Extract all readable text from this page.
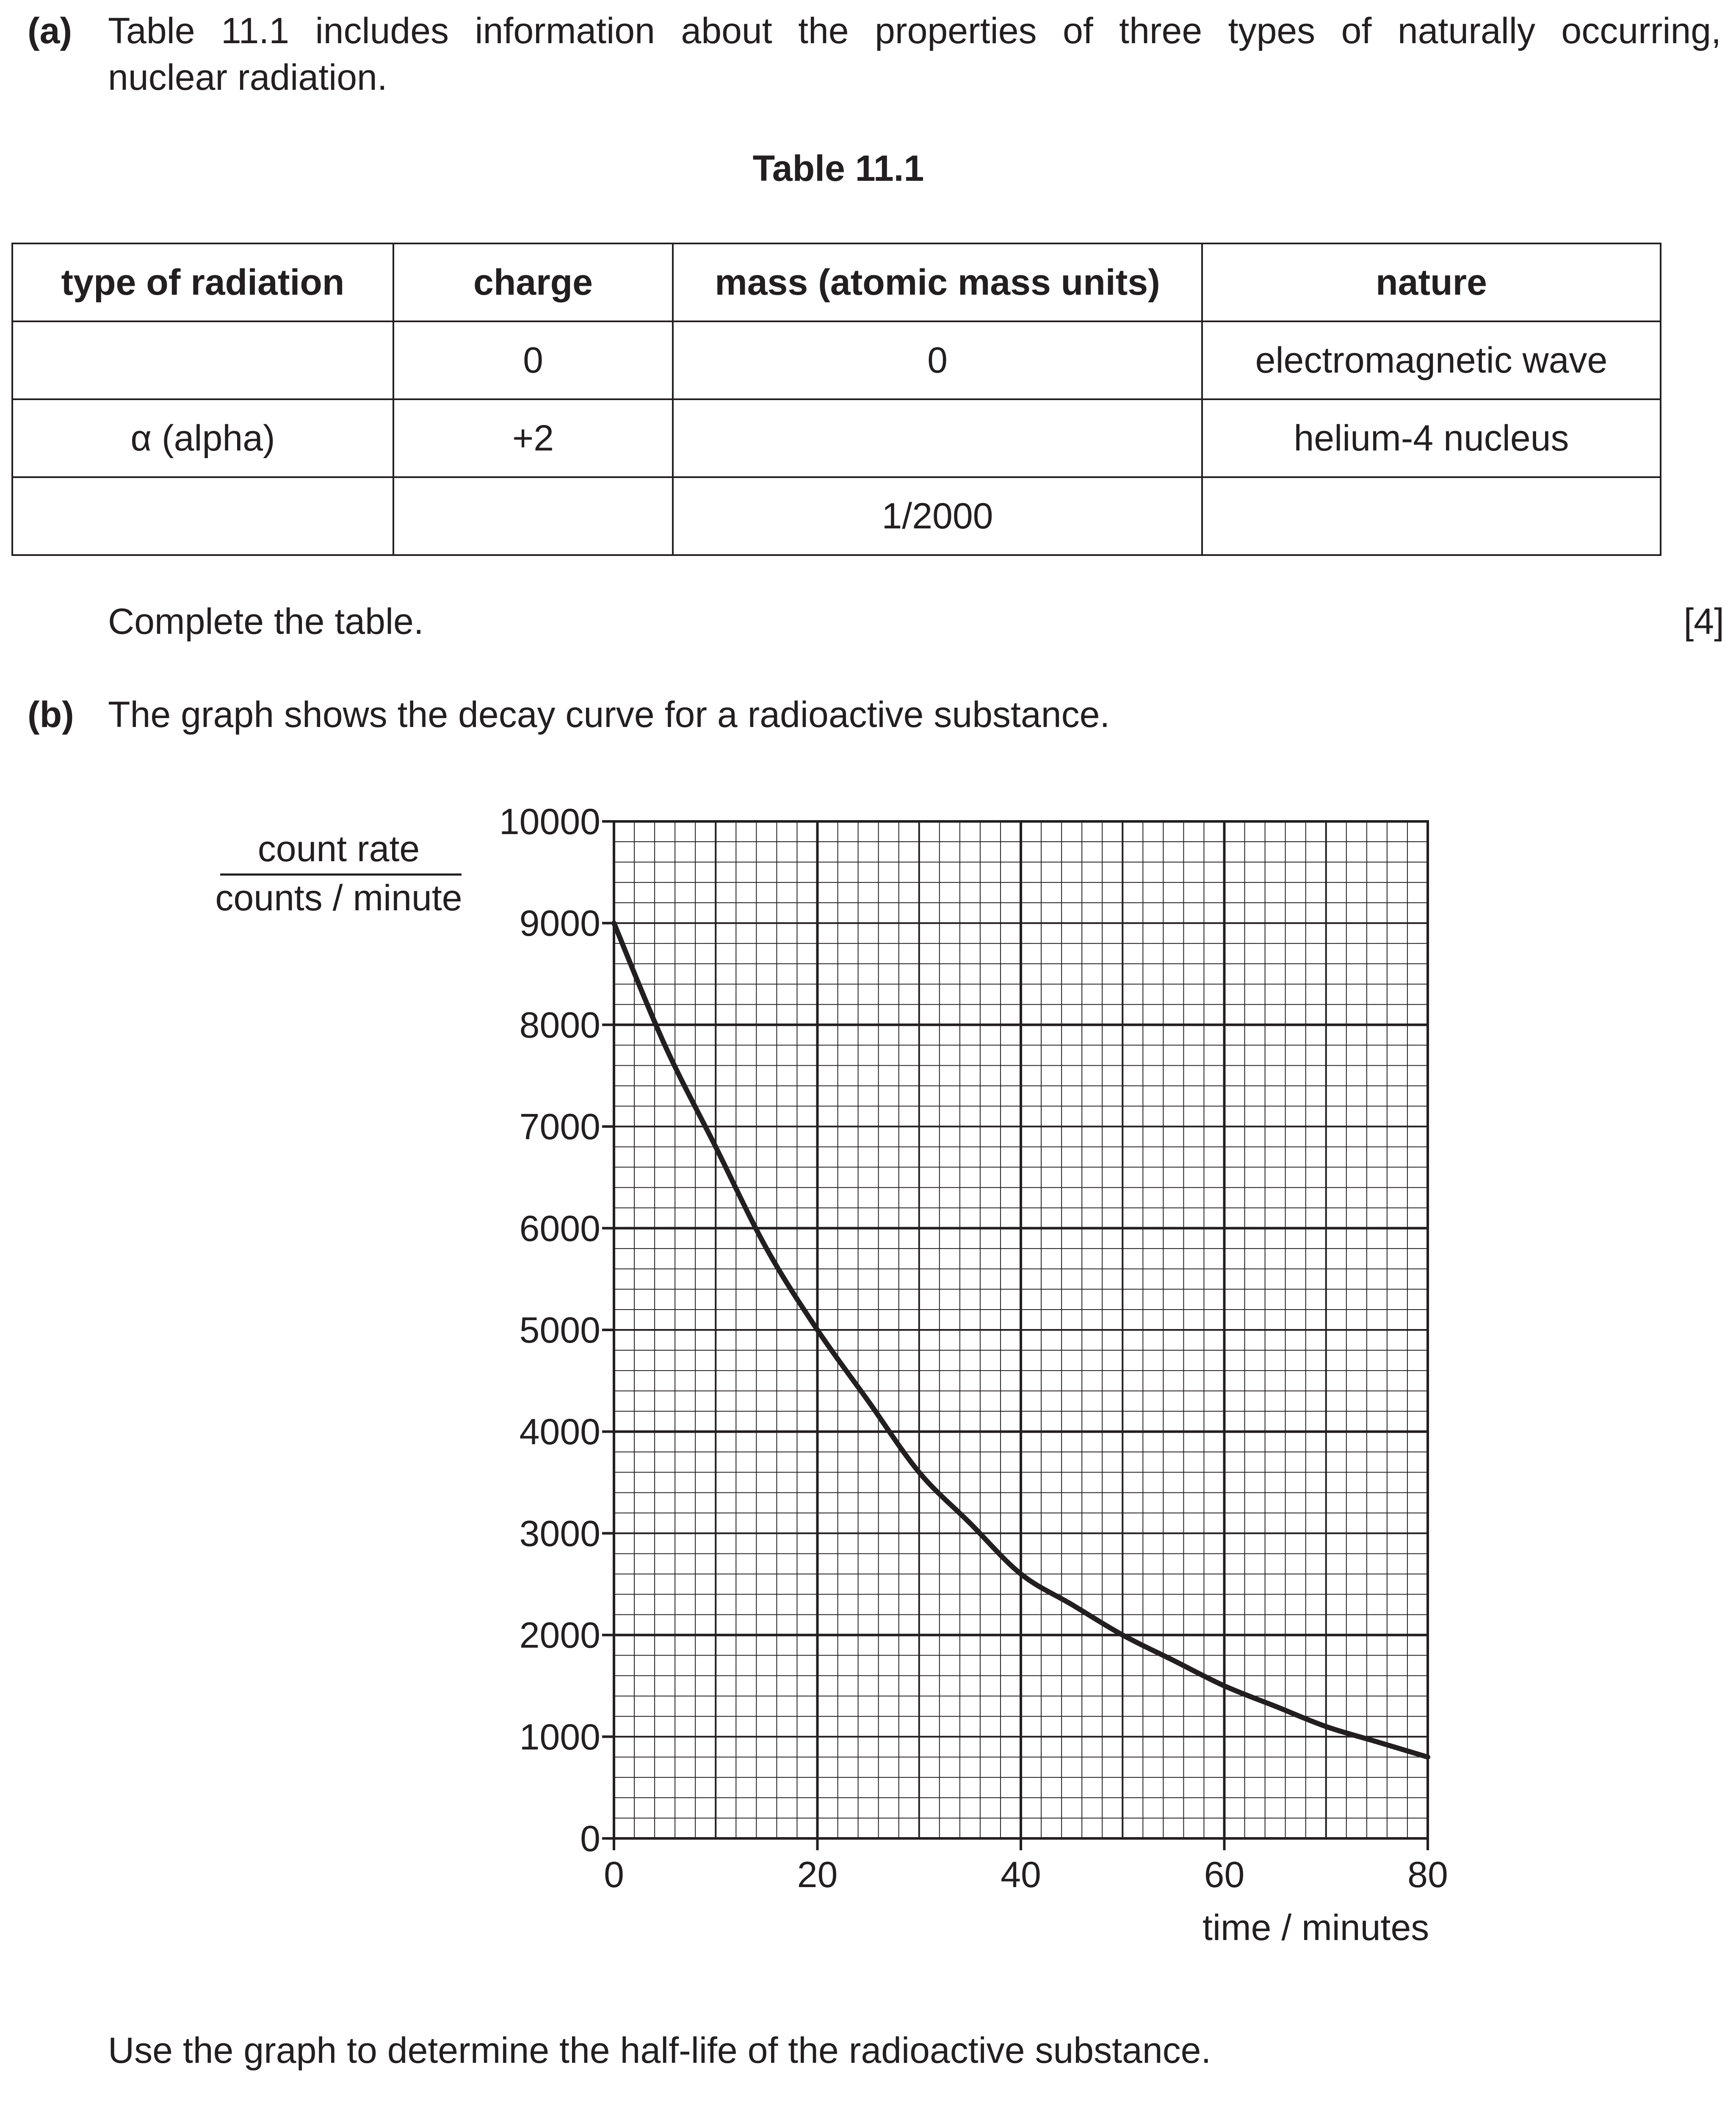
(a) Table 11.1 includes information about the properties of three types of naturally occurring,
nuclear radiation.
Table 11.1
type of radiation	charge	mass (atomic mass units)	nature
	0	0	electromagnetic wave
α (alpha)	+2		helium-4 nucleus
		1/2000	
Complete the table.	[4]
(b) The graph shows the decay curve for a radioactive substance.
0
1000
2000
3000
4000
5000
6000
7000
8000
9000
10000
0	20	40	60	80
count rate
counts / minute
time / minutes
Use the graph to determine the half-life of the radioactive substance.
